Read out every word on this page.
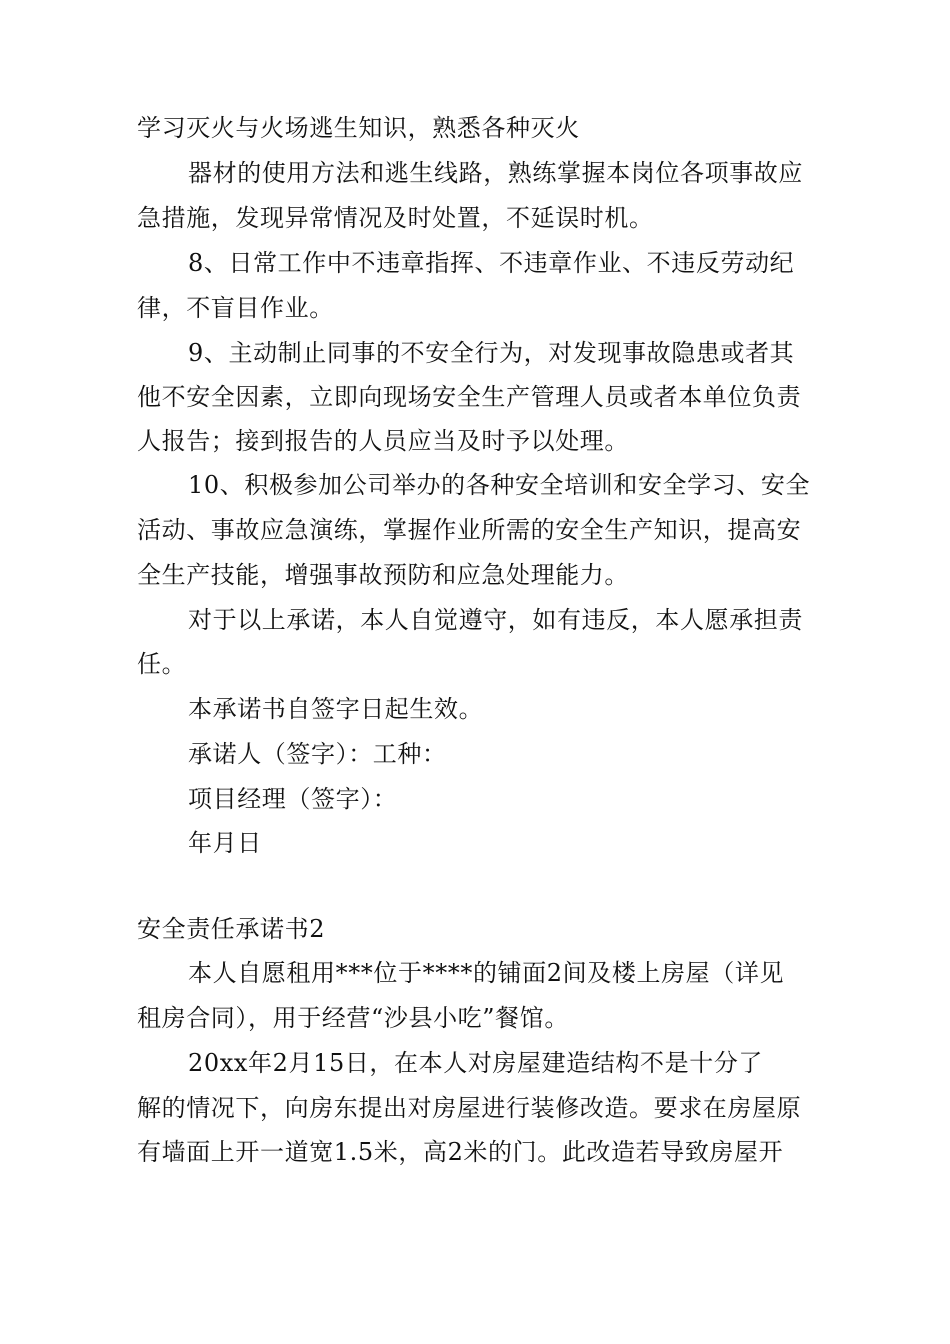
学习灭火与火场逃生知识，熟悉各种灭火
器材的使用方法和逃生线路，熟练掌握本岗位各项事故应
急措施，发现异常情况及时处置，不延误时机。
8、日常工作中不违章指挥、不违章作业、不违反劳动纪
律，不盲目作业。
9、主动制止同事的不安全行为，对发现事故隐患或者其
他不安全因素，立即向现场安全生产管理人员或者本单位负责
人报告；接到报告的人员应当及时予以处理。
10、积极参加公司举办的各种安全培训和安全学习、安全
活动、事故应急演练，掌握作业所需的安全生产知识，提高安
全生产技能，增强事故预防和应急处理能力。
对于以上承诺，本人自觉遵守，如有违反，本人愿承担责
任。
本承诺书自签字日起生效。
承诺人（签字）：工种：
项目经理（签字）：
年月日
安全责任承诺书2
本人自愿租用***位于****的铺面2间及楼上房屋（详见
租房合同），用于经营“沙县小吃”餐馆。
20xx年2月15日，在本人对房屋建造结构不是十分了
解的情况下，向房东提出对房屋进行装修改造。要求在房屋原
有墙面上开一道宽1.5米，高2米的门。此改造若导致房屋开
